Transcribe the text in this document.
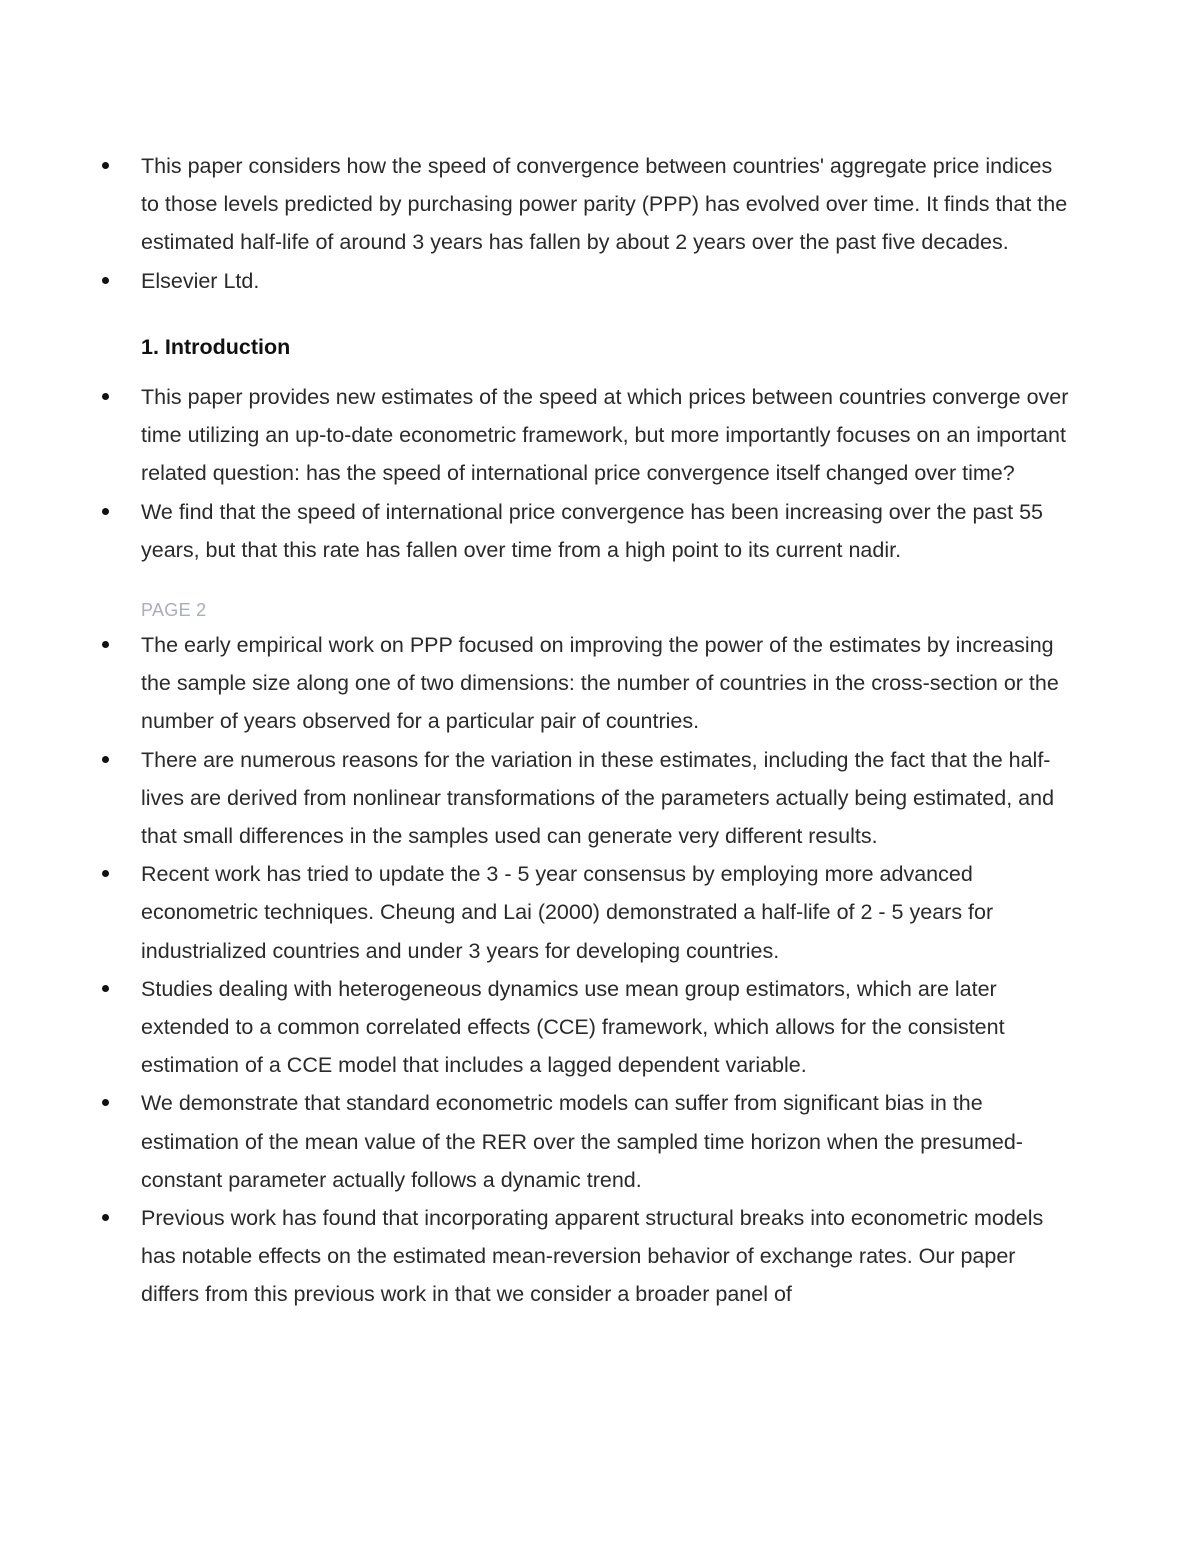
This paper considers how the speed of convergence between countries' aggregate price indices to those levels predicted by purchasing power parity (PPP) has evolved over time. It finds that the estimated half-life of around 3 years has fallen by about 2 years over the past five decades.
Elsevier Ltd.
1. Introduction
This paper provides new estimates of the speed at which prices between countries converge over time utilizing an up-to-date econometric framework, but more importantly focuses on an important related question: has the speed of international price convergence itself changed over time?
We find that the speed of international price convergence has been increasing over the past 55 years, but that this rate has fallen over time from a high point to its current nadir.
PAGE 2
The early empirical work on PPP focused on improving the power of the estimates by increasing the sample size along one of two dimensions: the number of countries in the cross-section or the number of years observed for a particular pair of countries.
There are numerous reasons for the variation in these estimates, including the fact that the half-lives are derived from nonlinear transformations of the parameters actually being estimated, and that small differences in the samples used can generate very different results.
Recent work has tried to update the 3 - 5 year consensus by employing more advanced econometric techniques. Cheung and Lai (2000) demonstrated a half-life of 2 - 5 years for industrialized countries and under 3 years for developing countries.
Studies dealing with heterogeneous dynamics use mean group estimators, which are later extended to a common correlated effects (CCE) framework, which allows for the consistent estimation of a CCE model that includes a lagged dependent variable.
We demonstrate that standard econometric models can suffer from significant bias in the estimation of the mean value of the RER over the sampled time horizon when the presumed-constant parameter actually follows a dynamic trend.
Previous work has found that incorporating apparent structural breaks into econometric models has notable effects on the estimated mean-reversion behavior of exchange rates. Our paper differs from this previous work in that we consider a broader panel of
